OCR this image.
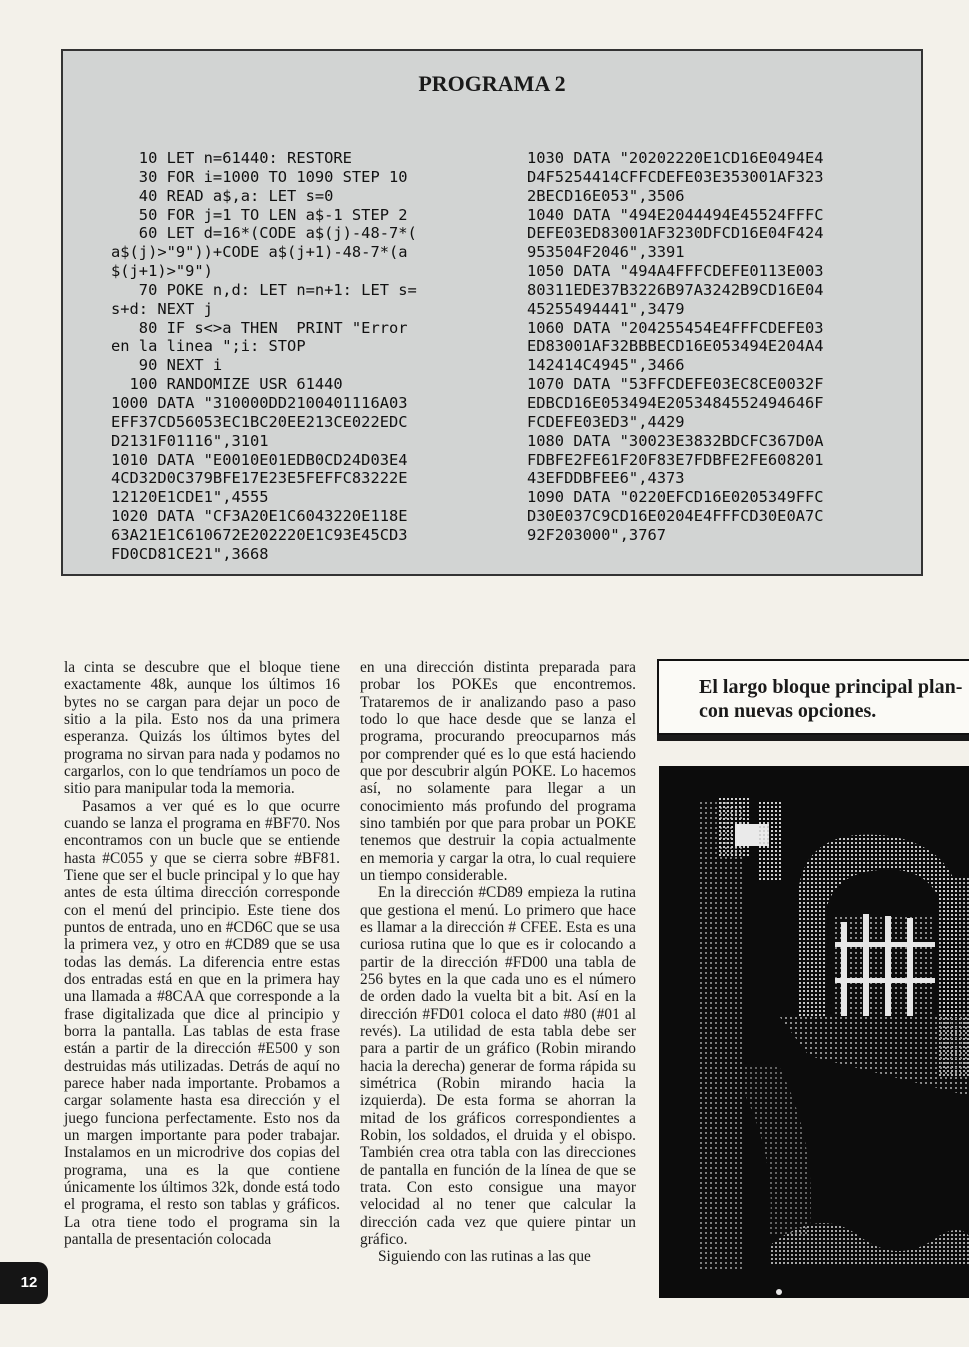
PROGRAMA 2
10 LET n=61440: RESTORE
30 FOR i=1000 TO 1090 STEP 10
40 READ a$,a: LET s=0
50 FOR j=1 TO LEN a$-1 STEP 2
60 LET d=16*(CODE a$(j)-48-7*(
a$(j)>"9"))+CODE a$(j+1)-48-7*(a
$(j+1)>"9")
70 POKE n,d: LET n=n+1: LET s=
s+d: NEXT j
80 IF s<>a THEN  PRINT "Error
en la linea ";i: STOP
90 NEXT i
100 RANDOMIZE USR 61440
1000 DATA "310000DD2100401116A03
EFF37CD56053EC1BC20EE213CE022EDC
D2131F01116",3101
1010 DATA "E0010E01EDB0CD24D03E4
4CD32D0C379BFE17E23E5FEFFC83222E
12120E1CDE1",4555
1020 DATA "CF3A20E1C6043220E118E
63A21E1C610672E202220E1C93E45CD3
FD0CD81CE21",3668
1030 DATA "20202220E1CD16E0494E4
D4F5254414CFFCDEFE03E353001AF323
2BECD16E053",3506
1040 DATA "494E2044494E45524FFFC
DEFE03ED83001AF3230DFCD16E04F424
953504F2046",3391
1050 DATA "494A4FFFCDEFE0113E003
80311EDE37B3226B97A3242B9CD16E04
45255494441",3479
1060 DATA "204255454E4FFFCDEFE03
ED83001AF32BBBECD16E053494E204A4
142414C4945",3466
1070 DATA "53FFCDEFE03EC8CE0032F
EDBCD16E053494E2053484552494646F
FCDEFE03ED3",4429
1080 DATA "30023E3832BDCFC367D0A
FDBFE2FE61F20F83E7FDBFE2FE608201
43EFDDBFEE6",4373
1090 DATA "0220EFCD16E0205349FFC
D30E037C9CD16E0204E4FFFCD30E0A7C
92F203000",3767

la cinta se descubre que el bloque tiene exactamente 48k, aunque los últimos 16 bytes no se cargan para dejar un poco de sitio a la pila. Esto nos da una primera esperanza. Quizás los últimos bytes del programa no sirvan para nada y podamos no cargarlos, con lo que tendríamos un poco de sitio para manipular toda la memoria.

Pasamos a ver qué es lo que ocurre cuando se lanza el programa en #BF70. Nos encontramos con un bucle que se entiende hasta #C055 y que se cierra sobre #BF81. Tiene que ser el bucle principal y lo que hay antes de esta última dirección corresponde con el menú del principio. Este tiene dos puntos de entrada, uno en #CD6C que se usa la primera vez, y otro en #CD89 que se usa todas las demás. La diferencia entre estas dos entradas está en que en la primera hay una llamada a #8CAA que corresponde a la frase digitalizada que dice al principio y borra la pantalla. Las tablas de esta frase están a partir de la dirección #E500 y son destruidas más utilizadas. Detrás de aquí no parece haber nada importante. Probamos a cargar solamente hasta esa dirección y el juego funciona perfectamente. Esto nos da un margen importante para poder trabajar. Instalamos en un microdrive dos copias del programa, una es la que contiene únicamente los últimos 32k, donde está todo el programa, el resto son tablas y gráficos. La otra tiene todo el programa sin la pantalla de presentación colocada

en una dirección distinta preparada para probar los POKEs que encontremos. Trataremos de ir analizando paso a paso todo lo que hace desde que se lanza el programa, procurando preocuparnos más por comprender qué es lo que está haciendo que por descubrir algún POKE. Lo hacemos así, no solamente para llegar a un conocimiento más profundo del programa sino también por que para probar un POKE tenemos que destruir la copia actualmente en memoria y cargar la otra, lo cual requiere un tiempo considerable.

En la dirección #CD89 empieza la rutina que gestiona el menú. Lo primero que hace es llamar a la dirección # CFEE. Esta es una curiosa rutina que lo que es ir colocando a partir de la dirección #FD00 una tabla de 256 bytes en la que cada uno es el número de orden dado la vuelta bit a bit. Así en la dirección #FD01 coloca el dato #80 (#01 al revés). La utilidad de esta tabla debe ser para a partir de un gráfico (Robin mirando hacia la derecha) generar de forma rápida su simétrica (Robin mirando hacia la izquierda). De esta forma se ahorran la mitad de los gráficos correspondientes a Robin, los soldados, el druida y el obispo. También crea otra tabla con las direcciones de pantalla en función de la línea de que se trata. Con esto consigue una mayor velocidad al no tener que calcular la dirección cada vez que quiere pintar un gráfico.

Siguiendo con las rutinas a las que

El largo bloque principal plan-
con nuevas opciones.
12
